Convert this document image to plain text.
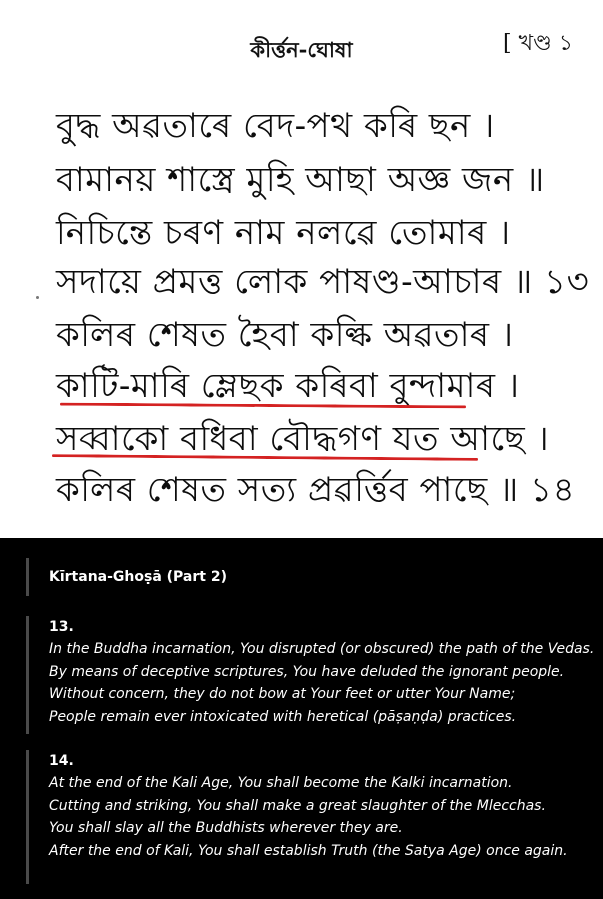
কীর্ত্তন-ঘোষা	[ খণ্ড ১
বুদ্ধ অৱতাৰে বেদ-পথ কৰি ছন ।
বামানয় শাস্ত্রে মুহি আছা অজ্ঞ জন ॥
নিচিন্তে চৰণ নাম নলৱে তোমাৰ ।
সদায়ে প্ৰমত্ত লোক পাষণ্ড-আচাৰ ॥ ১৩
কলিৰ শেষত হৈবা কল্কি অৱতাৰ ।
কাটি-মাৰি ম্লেছক কৰিবা বুন্দামাৰ ।
সব্বাকো বধিবা বৌদ্ধগণ যত আছে ।
কলিৰ শেষত সত্য প্ৰৱৰ্ত্তিব পাছে ॥ ১৪
Kīrtana-Ghoṣā (Part 2)
13.
In the Buddha incarnation, You disrupted (or obscured) the path of the Vedas.
By means of deceptive scriptures, You have deluded the ignorant people.
Without concern, they do not bow at Your feet or utter Your Name;
People remain ever intoxicated with heretical (pāṣaṇḍa) practices.
14.
At the end of the Kali Age, You shall become the Kalki incarnation.
Cutting and striking, You shall make a great slaughter of the Mlecchas.
You shall slay all the Buddhists wherever they are.
After the end of Kali, You shall establish Truth (the Satya Age) once again.
